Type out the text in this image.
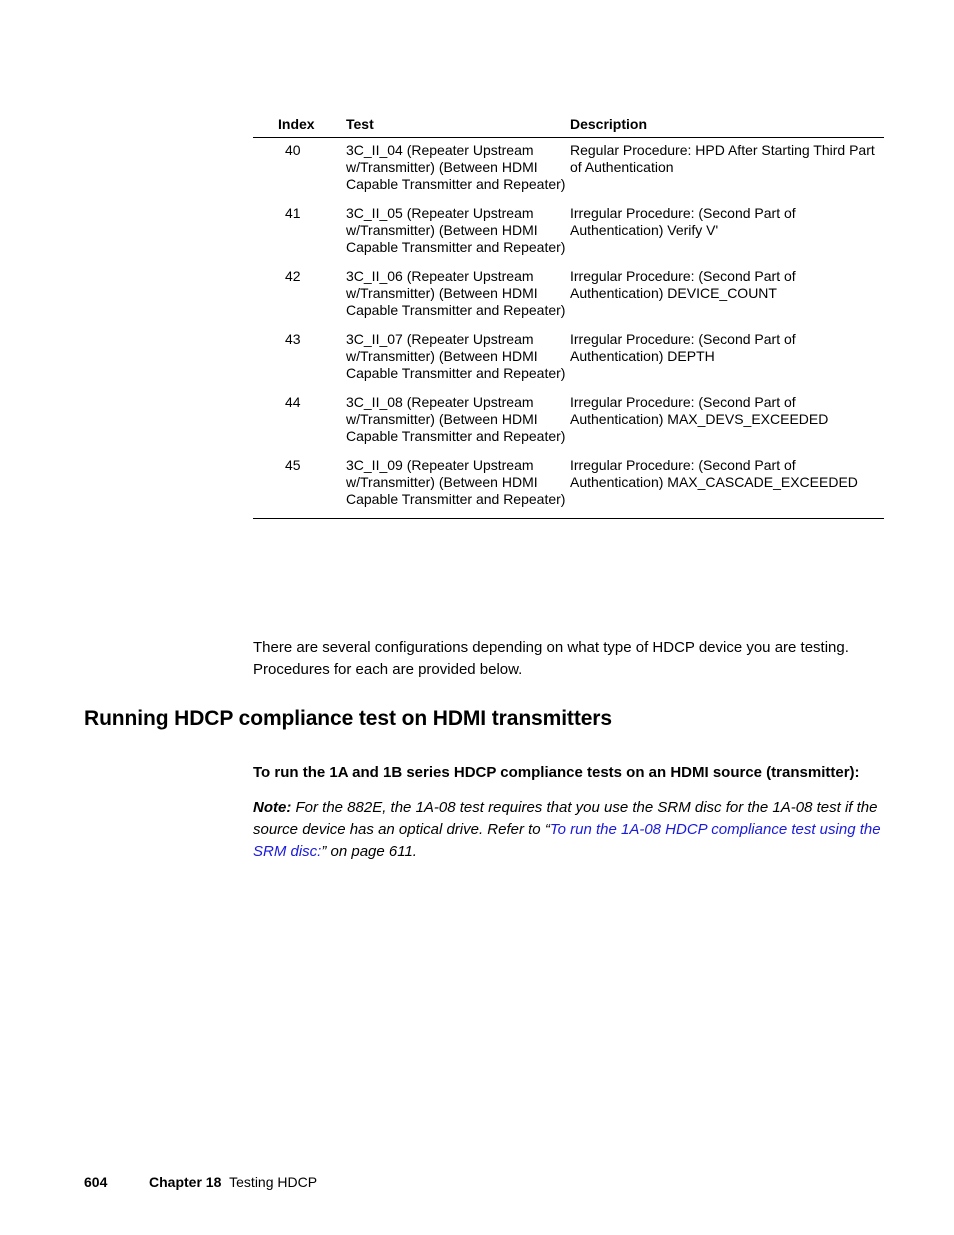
Index	Test	Description
40	3C_II_04 (Repeater Upstream w/Transmitter) (Between HDMI Capable Transmitter and Repeater)	Regular Procedure: HPD After Starting Third Part of Authentication
41	3C_II_05 (Repeater Upstream w/Transmitter) (Between HDMI Capable Transmitter and Repeater)	Irregular Procedure: (Second Part of Authentication) Verify V'
42	3C_II_06 (Repeater Upstream w/Transmitter) (Between HDMI Capable Transmitter and Repeater)	Irregular Procedure: (Second Part of Authentication) DEVICE_COUNT
43	3C_II_07 (Repeater Upstream w/Transmitter) (Between HDMI Capable Transmitter and Repeater)	Irregular Procedure: (Second Part of Authentication) DEPTH
44	3C_II_08 (Repeater Upstream w/Transmitter) (Between HDMI Capable Transmitter and Repeater)	Irregular Procedure: (Second Part of Authentication) MAX_DEVS_EXCEEDED
45	3C_II_09 (Repeater Upstream w/Transmitter) (Between HDMI Capable Transmitter and Repeater)	Irregular Procedure: (Second Part of Authentication) MAX_CASCADE_EXCEEDED

There are several configurations depending on what type of HDCP device you are testing. Procedures for each are provided below.

Running HDCP compliance test on HDMI transmitters

To run the 1A and 1B series HDCP compliance tests on an HDMI source (transmitter):

Note: For the 882E, the 1A-08 test requires that you use the SRM disc for the 1A-08 test if the source device has an optical drive. Refer to “To run the 1A-08 HDCP compliance test using the SRM disc:” on page 611.

604	Chapter 18 Testing HDCP
